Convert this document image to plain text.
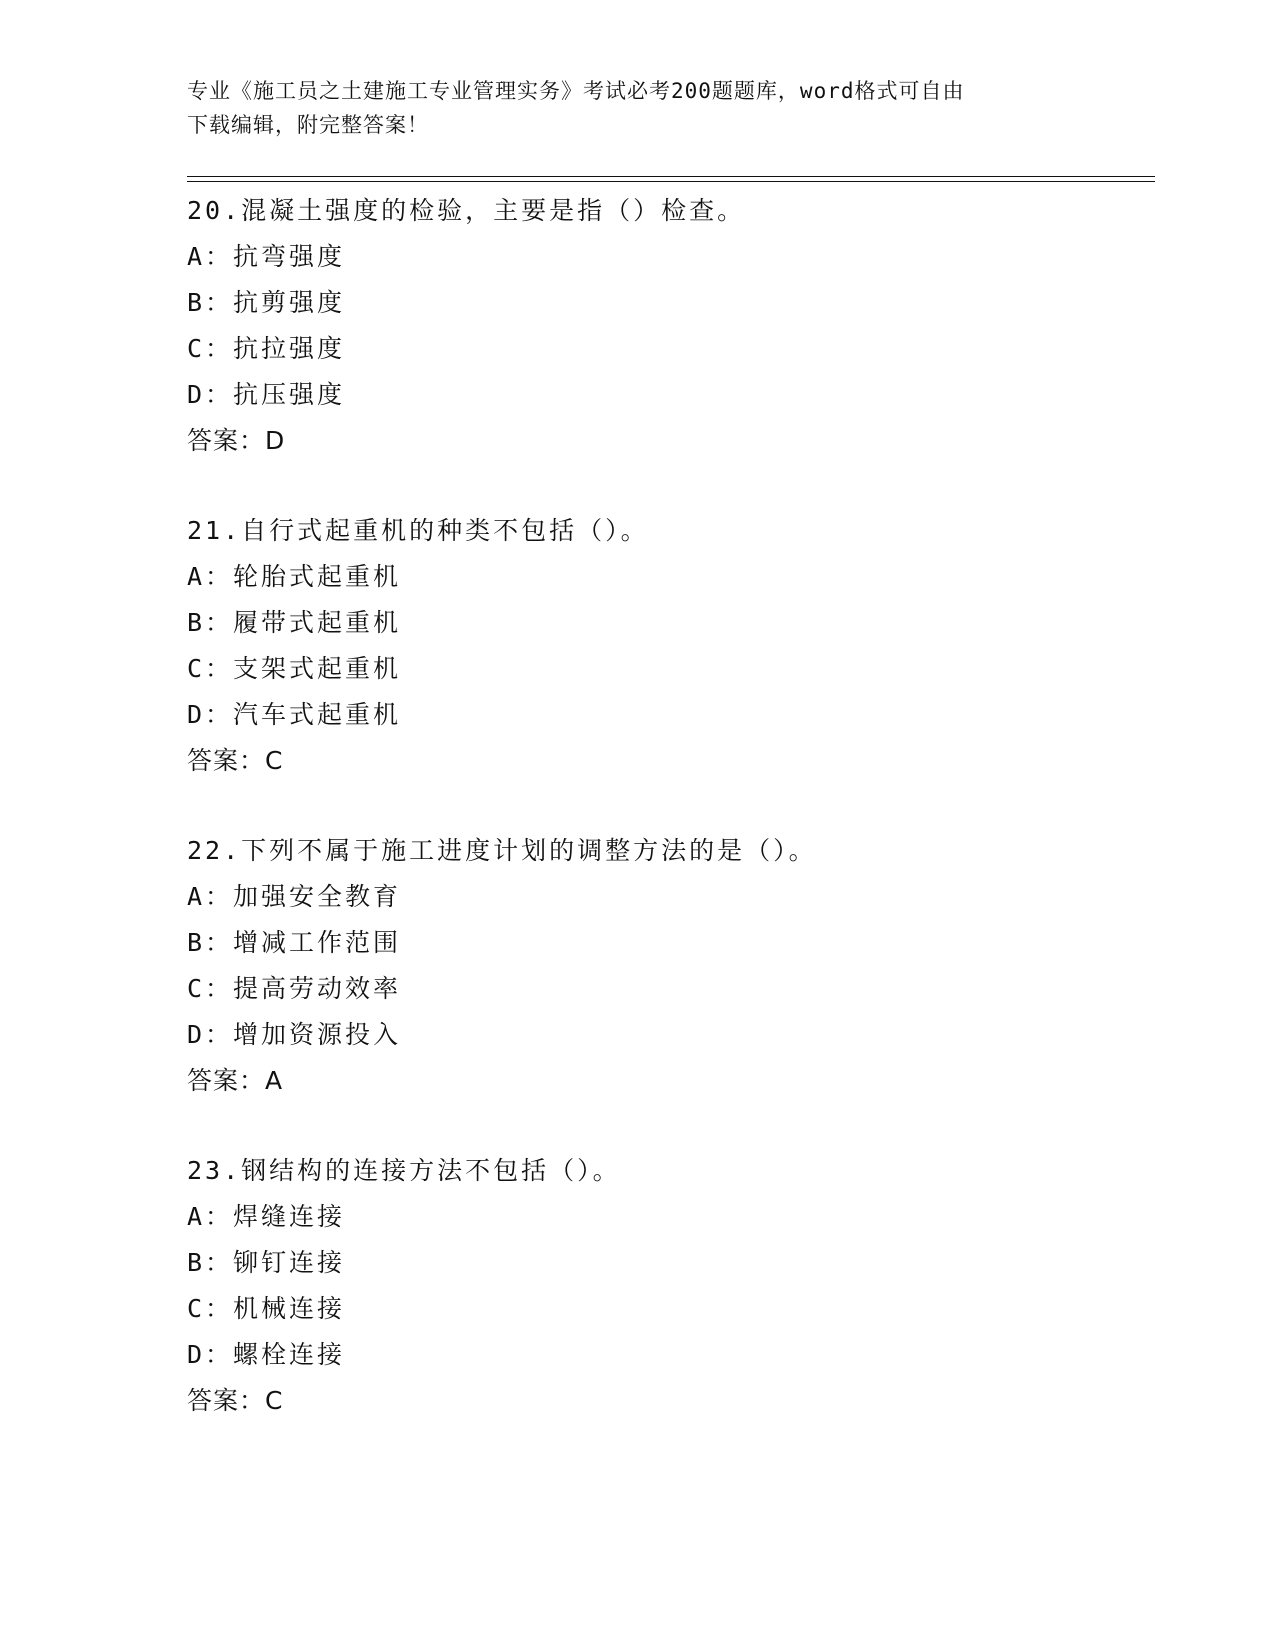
专业《施工员之土建施工专业管理实务》考试必考200题题库，word格式可自由
下载编辑，附完整答案！
20.混凝土强度的检验，主要是指（）检查。
A：抗弯强度
B：抗剪强度
C：抗拉强度
D：抗压强度
答案：D
21.自行式起重机的种类不包括（）。
A：轮胎式起重机
B：履带式起重机
C：支架式起重机
D：汽车式起重机
答案：C
22.下列不属于施工进度计划的调整方法的是（）。
A：加强安全教育
B：增减工作范围
C：提高劳动效率
D：增加资源投入
答案：A
23.钢结构的连接方法不包括（）。
A：焊缝连接
B：铆钉连接
C：机械连接
D：螺栓连接
答案：C
